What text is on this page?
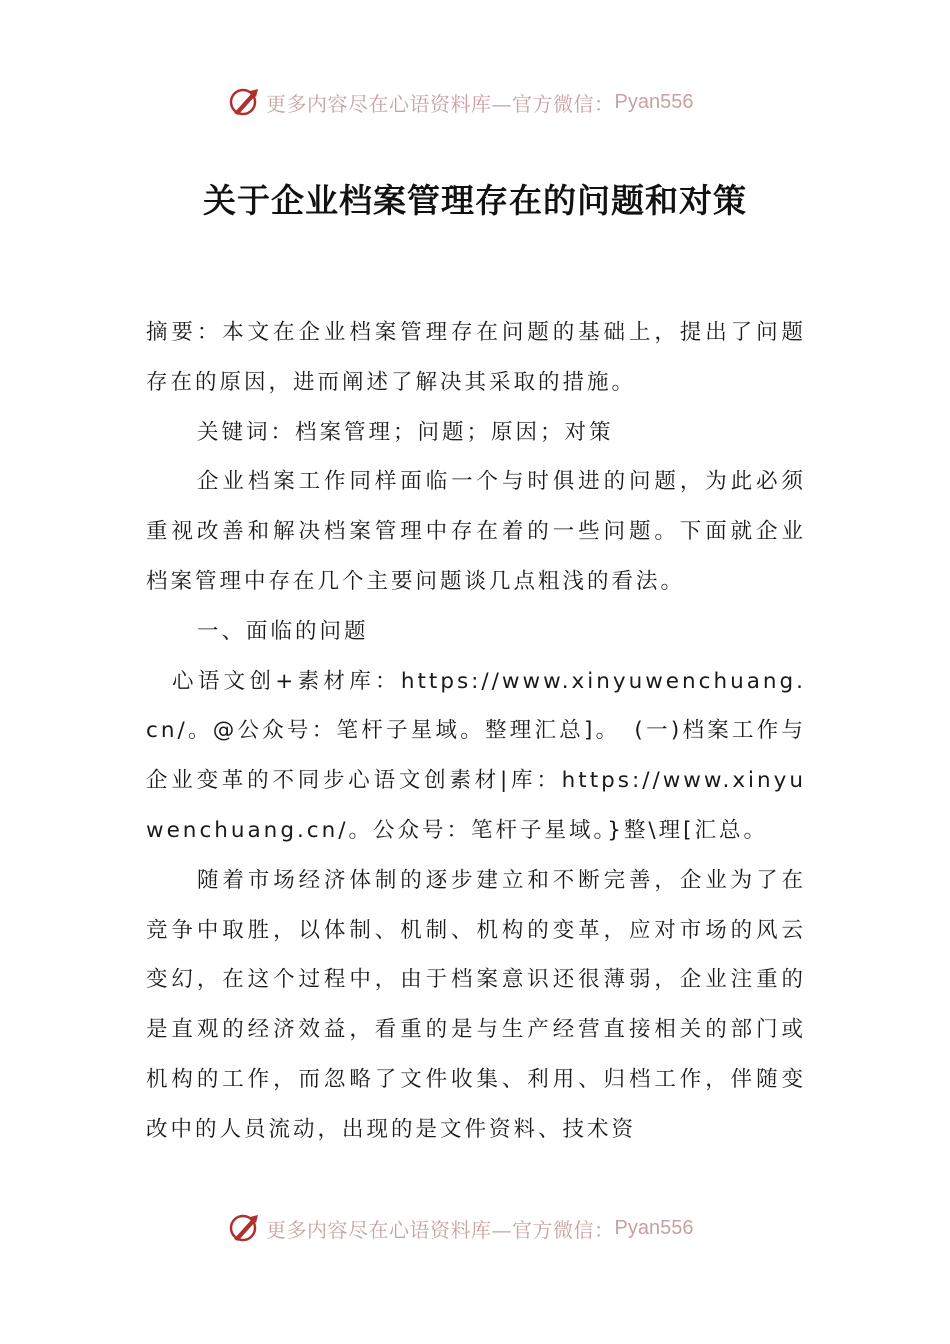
更多内容尽在心语资料库—官方微信： Pyan556
关于企业档案管理存在的问题和对策

摘要：本文在企业档案管理存在问题的基础上，提出了问题存在的原因，进而阐述了解决其采取的措施。

关键词：档案管理；问题；原因；对策

企业档案工作同样面临一个与时俱进的问题，为此必须重视改善和解决档案管理中存在着的一些问题。下面就企业档案管理中存在几个主要问题谈几点粗浅的看法。

一、面临的问题

心语文创+素材库：https://www.xinyuwenchuang.cn/。@公众号：笔杆子星域。整理汇总]。　(一)档案工作与企业变革的不同步心语文创素材|库：https://www.xinyuwenchuang.cn/。公众号：笔杆子星域。}整\理[汇总。

随着市场经济体制的逐步建立和不断完善，企业为了在竞争中取胜，以体制、机制、机构的变革，应对市场的风云变幻，在这个过程中，由于档案意识还很薄弱，企业注重的是直观的经济效益，看重的是与生产经营直接相关的部门或机构的工作，而忽略了文件收集、利用、归档工作，伴随变改中的人员流动，出现的是文件资料、技术资

更多内容尽在心语资料库—官方微信： Pyan556
